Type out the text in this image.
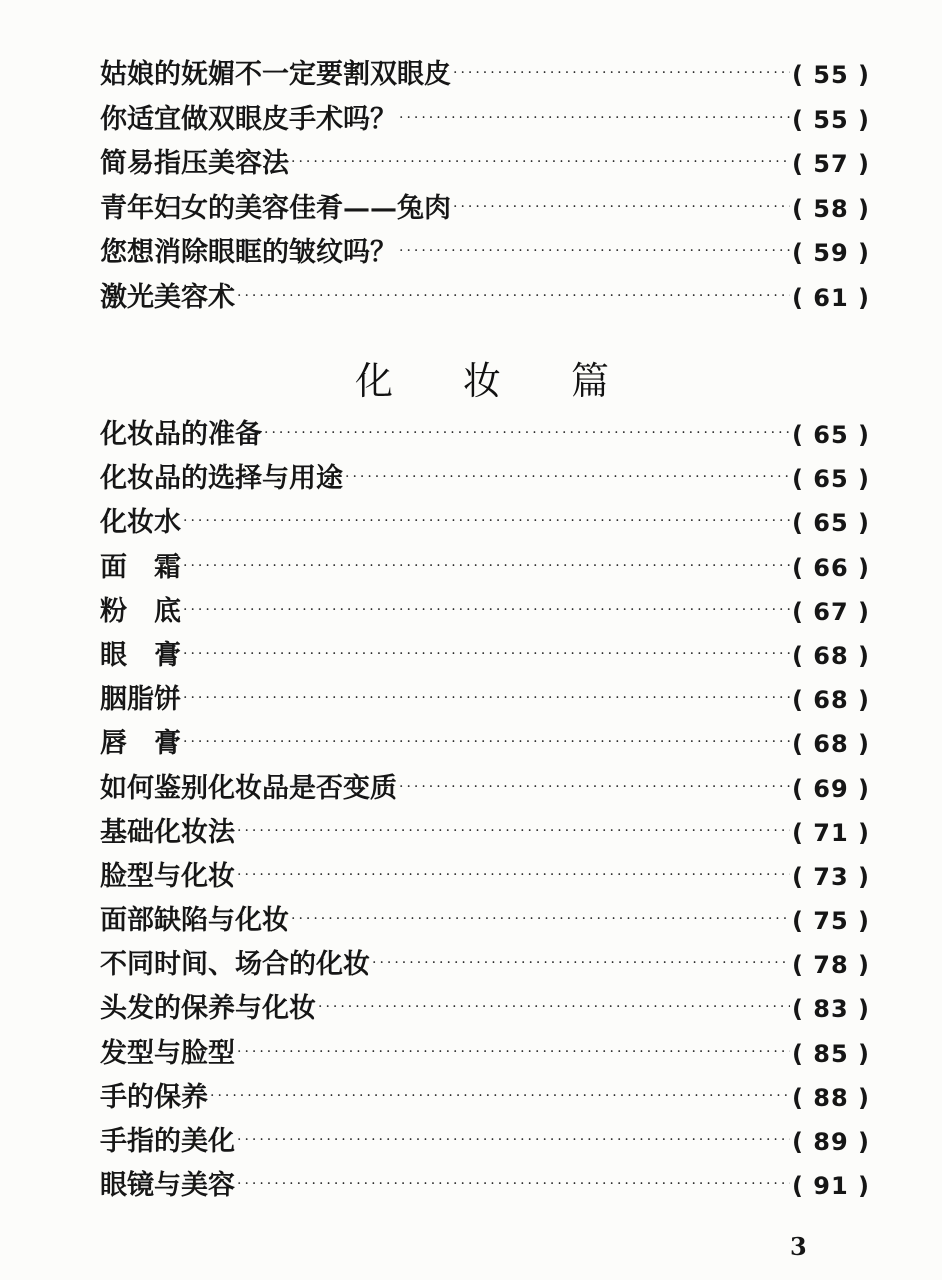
姑娘的妩媚不一定要割双眼皮 ·····	( 55 )
你适宜做双眼皮手术吗？ ·····	( 55 )
简易指压美容法 ·····	( 57 )
青年妇女的美容佳肴——兔肉 ·····	( 58 )
您想消除眼眶的皱纹吗？ ·····	( 59 )
激光美容术 ·····	( 61 )
化妆篇
化妆品的准备 ·····	( 65 )
化妆品的选择与用途 ·····	( 65 )
化妆水 ·····	( 65 )
面　霜 ·····	( 66 )
粉　底 ·····	( 67 )
眼　膏 ·····	( 68 )
胭脂饼 ·····	( 68 )
唇　膏 ·····	( 68 )
如何鉴别化妆品是否变质 ·····	( 69 )
基础化妆法 ·····	( 71 )
脸型与化妆 ·····	( 73 )
面部缺陷与化妆 ·····	( 75 )
不同时间、场合的化妆 ·····	( 78 )
头发的保养与化妆 ·····	( 83 )
发型与脸型 ·····	( 85 )
手的保养 ·····	( 88 )
手指的美化 ·····	( 89 )
眼镜与美容 ·····	( 91 )
3
